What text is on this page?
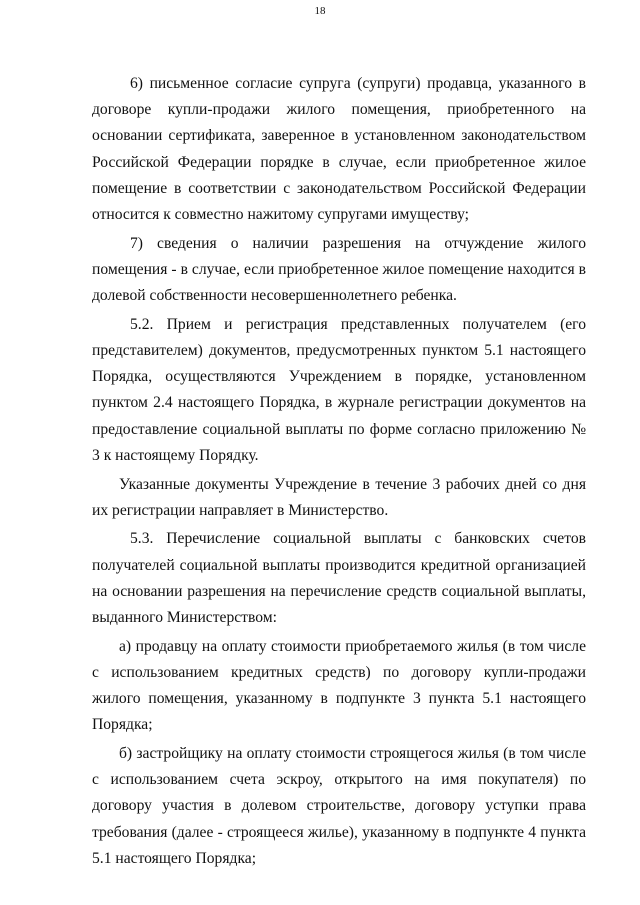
18

6) письменное согласие супруга (супруги) продавца, указанного в договоре купли-продажи жилого помещения, приобретенного на основании сертификата, заверенное в установленном законодательством Российской Федерации порядке в случае, если приобретенное жилое помещение в соответствии с законодательством Российской Федерации относится к совместно нажитому супругами имуществу;

7) сведения о наличии разрешения на отчуждение жилого помещения - в случае, если приобретенное жилое помещение находится в долевой собственности несовершеннолетнего ребенка.

5.2. Прием и регистрация представленных получателем (его представителем) документов, предусмотренных пунктом 5.1 настоящего Порядка, осуществляются Учреждением в порядке, установленном пунктом 2.4 настоящего Порядка, в журнале регистрации документов на предоставление социальной выплаты по форме согласно приложению № 3 к настоящему Порядку.

Указанные документы Учреждение в течение 3 рабочих дней со дня их регистрации направляет в Министерство.

5.3. Перечисление социальной выплаты с банковских счетов получателей социальной выплаты производится кредитной организацией на основании разрешения на перечисление средств социальной выплаты, выданного Министерством:

а) продавцу на оплату стоимости приобретаемого жилья (в том числе с использованием кредитных средств) по договору купли-продажи жилого помещения, указанному в подпункте 3 пункта 5.1 настоящего Порядка;

б) застройщику на оплату стоимости строящегося жилья (в том числе с использованием счета эскроу, открытого на имя покупателя) по договору участия в долевом строительстве, договору уступки права требования (далее - строящееся жилье), указанному в подпункте 4 пункта 5.1 настоящего Порядка;
